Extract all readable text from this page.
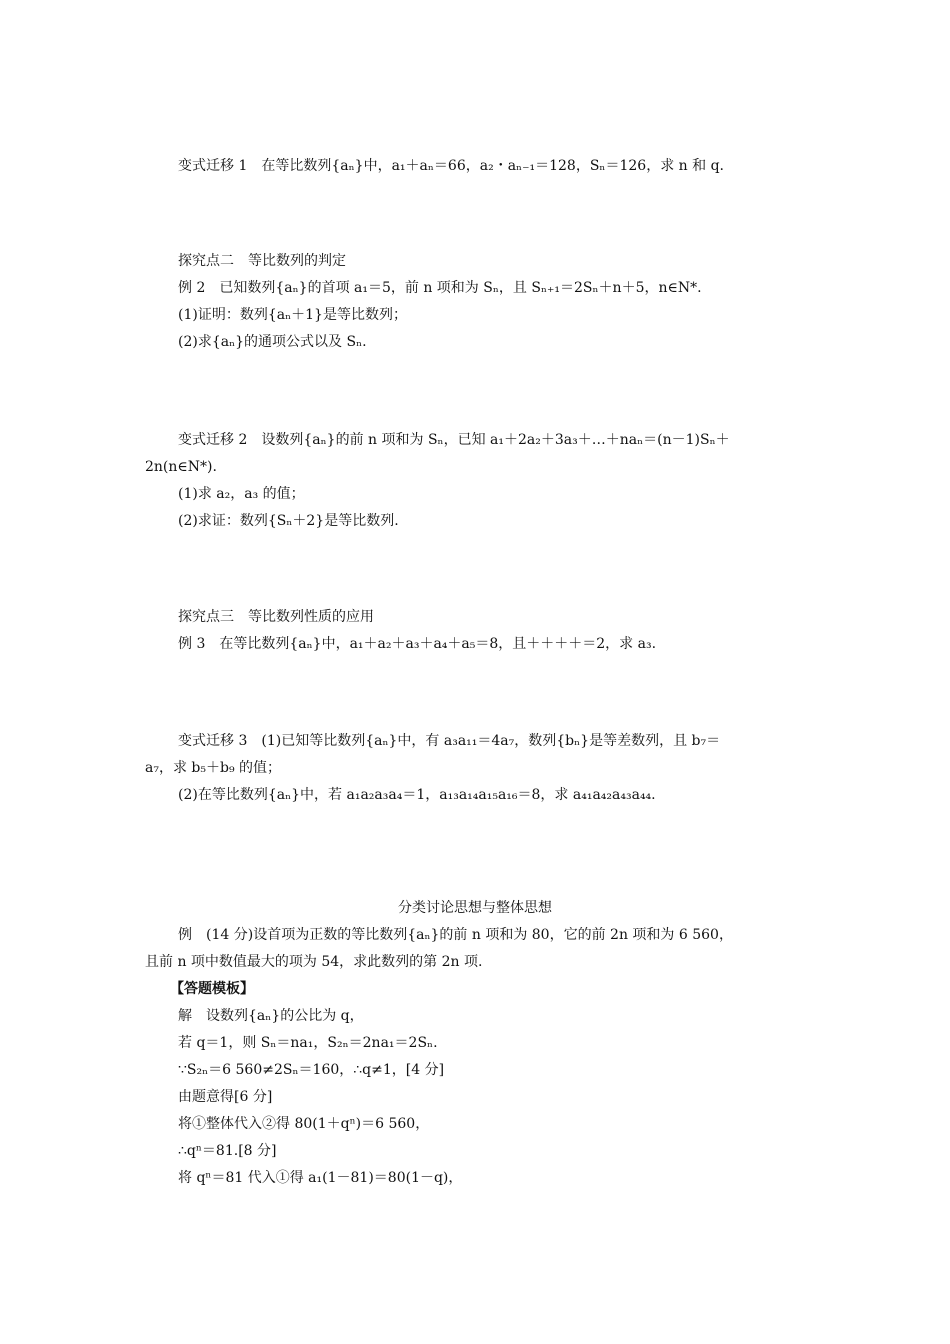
变式迁移 1　在等比数列{aₙ}中，a₁＋aₙ＝66，a₂・aₙ₋₁＝128，Sₙ＝126，求 n 和 q.
探究点二　等比数列的判定
例 2　已知数列{aₙ}的首项 a₁＝5，前 n 项和为 Sₙ，且 Sₙ₊₁＝2Sₙ＋n＋5，n∈N*.
(1)证明：数列{aₙ＋1}是等比数列；
(2)求{aₙ}的通项公式以及 Sₙ.
变式迁移 2　设数列{aₙ}的前 n 项和为 Sₙ，已知 a₁＋2a₂＋3a₃＋…＋naₙ＝(n－1)Sₙ＋
2n(n∈N*).
(1)求 a₂，a₃ 的值；
(2)求证：数列{Sₙ＋2}是等比数列.
探究点三　等比数列性质的应用
例 3　在等比数列{aₙ}中，a₁＋a₂＋a₃＋a₄＋a₅＝8，且＋＋＋＋＝2，求 a₃.
变式迁移 3　(1)已知等比数列{aₙ}中，有 a₃a₁₁＝4a₇，数列{bₙ}是等差数列，且 b₇＝
a₇，求 b₅＋b₉ 的值；
(2)在等比数列{aₙ}中，若 a₁a₂a₃a₄＝1，a₁₃a₁₄a₁₅a₁₆＝8，求 a₄₁a₄₂a₄₃a₄₄.
分类讨论思想与整体思想
例　(14 分)设首项为正数的等比数列{aₙ}的前 n 项和为 80，它的前 2n 项和为 6 560，
且前 n 项中数值最大的项为 54，求此数列的第 2n 项.
【答题模板】
解　设数列{aₙ}的公比为 q，
若 q＝1，则 Sₙ＝na₁，S₂ₙ＝2na₁＝2Sₙ.
∵S₂ₙ＝6 560≠2Sₙ＝160，∴q≠1，[4 分]
由题意得[6 分]
将①整体代入②得 80(1＋qⁿ)＝6 560，
∴qⁿ＝81.[8 分]
将 qⁿ＝81 代入①得 a₁(1－81)＝80(1－q)，
